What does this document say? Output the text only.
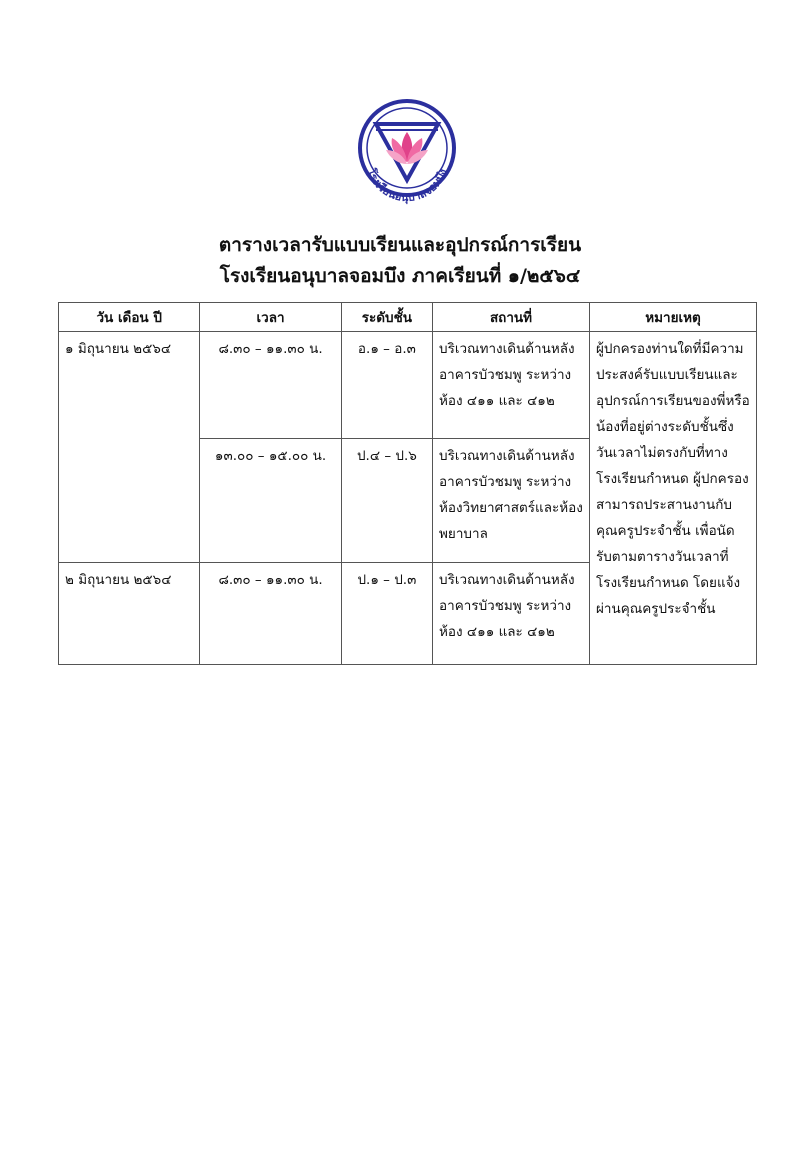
โรงเรียนอนุบาลจอมบึง
ตารางเวลารับแบบเรียนและอุปกรณ์การเรียน
โรงเรียนอนุบาลจอมบึง ภาคเรียนที่ ๑/๒๕๖๔
วัน เดือน ปี	เวลา	ระดับชั้น	สถานที่	หมายเหตุ
๑ มิถุนายน ๒๕๖๔	๘.๓๐ – ๑๑.๓๐ น.	อ.๑ – อ.๓	บริเวณทางเดินด้านหลังอาคารบัวชมพู ระหว่างห้อง ๔๑๑ และ ๔๑๒	ผู้ปกครองท่านใดที่มีความประสงค์รับแบบเรียนและอุปกรณ์การเรียนของพี่หรือน้องที่อยู่ต่างระดับชั้นซึ่งวันเวลาไม่ตรงกับที่ทางโรงเรียนกำหนด ผู้ปกครองสามารถประสานงานกับคุณครูประจำชั้น เพื่อนัดรับตามตารางวันเวลาที่โรงเรียนกำหนด โดยแจ้งผ่านคุณครูประจำชั้น
	๑๓.๐๐ – ๑๕.๐๐ น.	ป.๔ – ป.๖	บริเวณทางเดินด้านหลังอาคารบัวชมพู ระหว่างห้องวิทยาศาสตร์และห้องพยาบาล	
๒ มิถุนายน ๒๕๖๔	๘.๓๐ – ๑๑.๓๐ น.	ป.๑ – ป.๓	บริเวณทางเดินด้านหลังอาคารบัวชมพู ระหว่างห้อง ๔๑๑ และ ๔๑๒	
